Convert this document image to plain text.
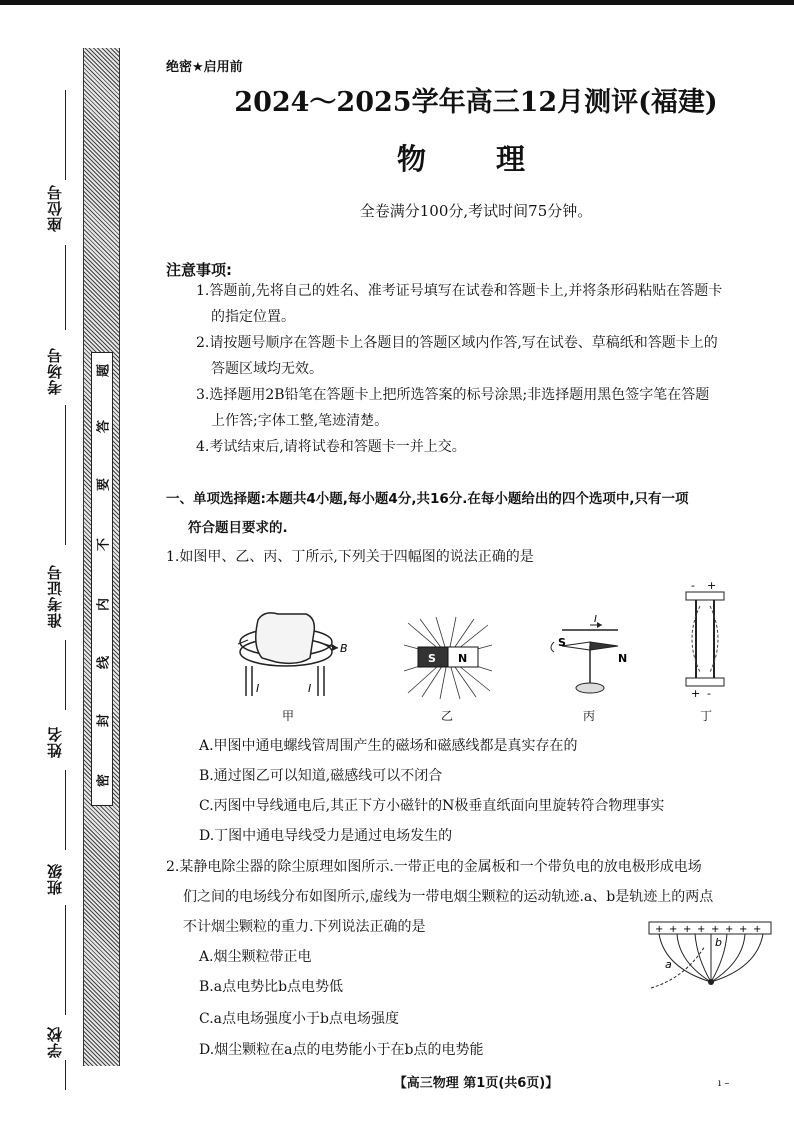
座位号
考场号
准考证号
姓名
班级
学校
密
封
线
内
不
要
答
题
绝密★启用前
2024～2025学年高三12月测评(福建)
物 理
全卷满分100分,考试时间75分钟。
注意事项:
1.答题前,先将自己的姓名、准考证号填写在试卷和答题卡上,并将条形码粘贴在答题卡
的指定位置。
2.请按题号顺序在答题卡上各题目的答题区域内作答,写在试卷、草稿纸和答题卡上的
答题区域均无效。
3.选择题用2B铅笔在答题卡上把所选答案的标号涂黑;非选择题用黑色签字笔在答题
上作答;字体工整,笔迹清楚。
4.考试结束后,请将试卷和答题卡一并上交。
一、单项选择题:本题共4小题,每小题4分,共16分.在每小题给出的四个选项中,只有一项
符合题目要求的.
1.如图甲、乙、丙、丁所示,下列关于四幅图的说法正确的是
B
I	I
S N
I
S
N
- +
+ -
甲	乙	丙	丁
A.甲图中通电螺线管周围产生的磁场和磁感线都是真实存在的
B.通过图乙可以知道,磁感线可以不闭合
C.丙图中导线通电后,其正下方小磁针的N极垂直纸面向里旋转符合物理事实
D.丁图中通电导线受力是通过电场发生的
2.某静电除尘器的除尘原理如图所示.一带正电的金属板和一个带负电的放电极形成电场
们之间的电场线分布如图所示,虚线为一带电烟尘颗粒的运动轨迹.a、b是轨迹上的两点
不计烟尘颗粒的重力.下列说法正确的是	+ + + + + + + +
a
b
A.烟尘颗粒带正电
B.a点电势比b点电势低
C.a点电场强度小于b点电场强度
D.烟尘颗粒在a点的电势能小于在b点的电势能
【高三物理 第1页(共6页)】	ı –
